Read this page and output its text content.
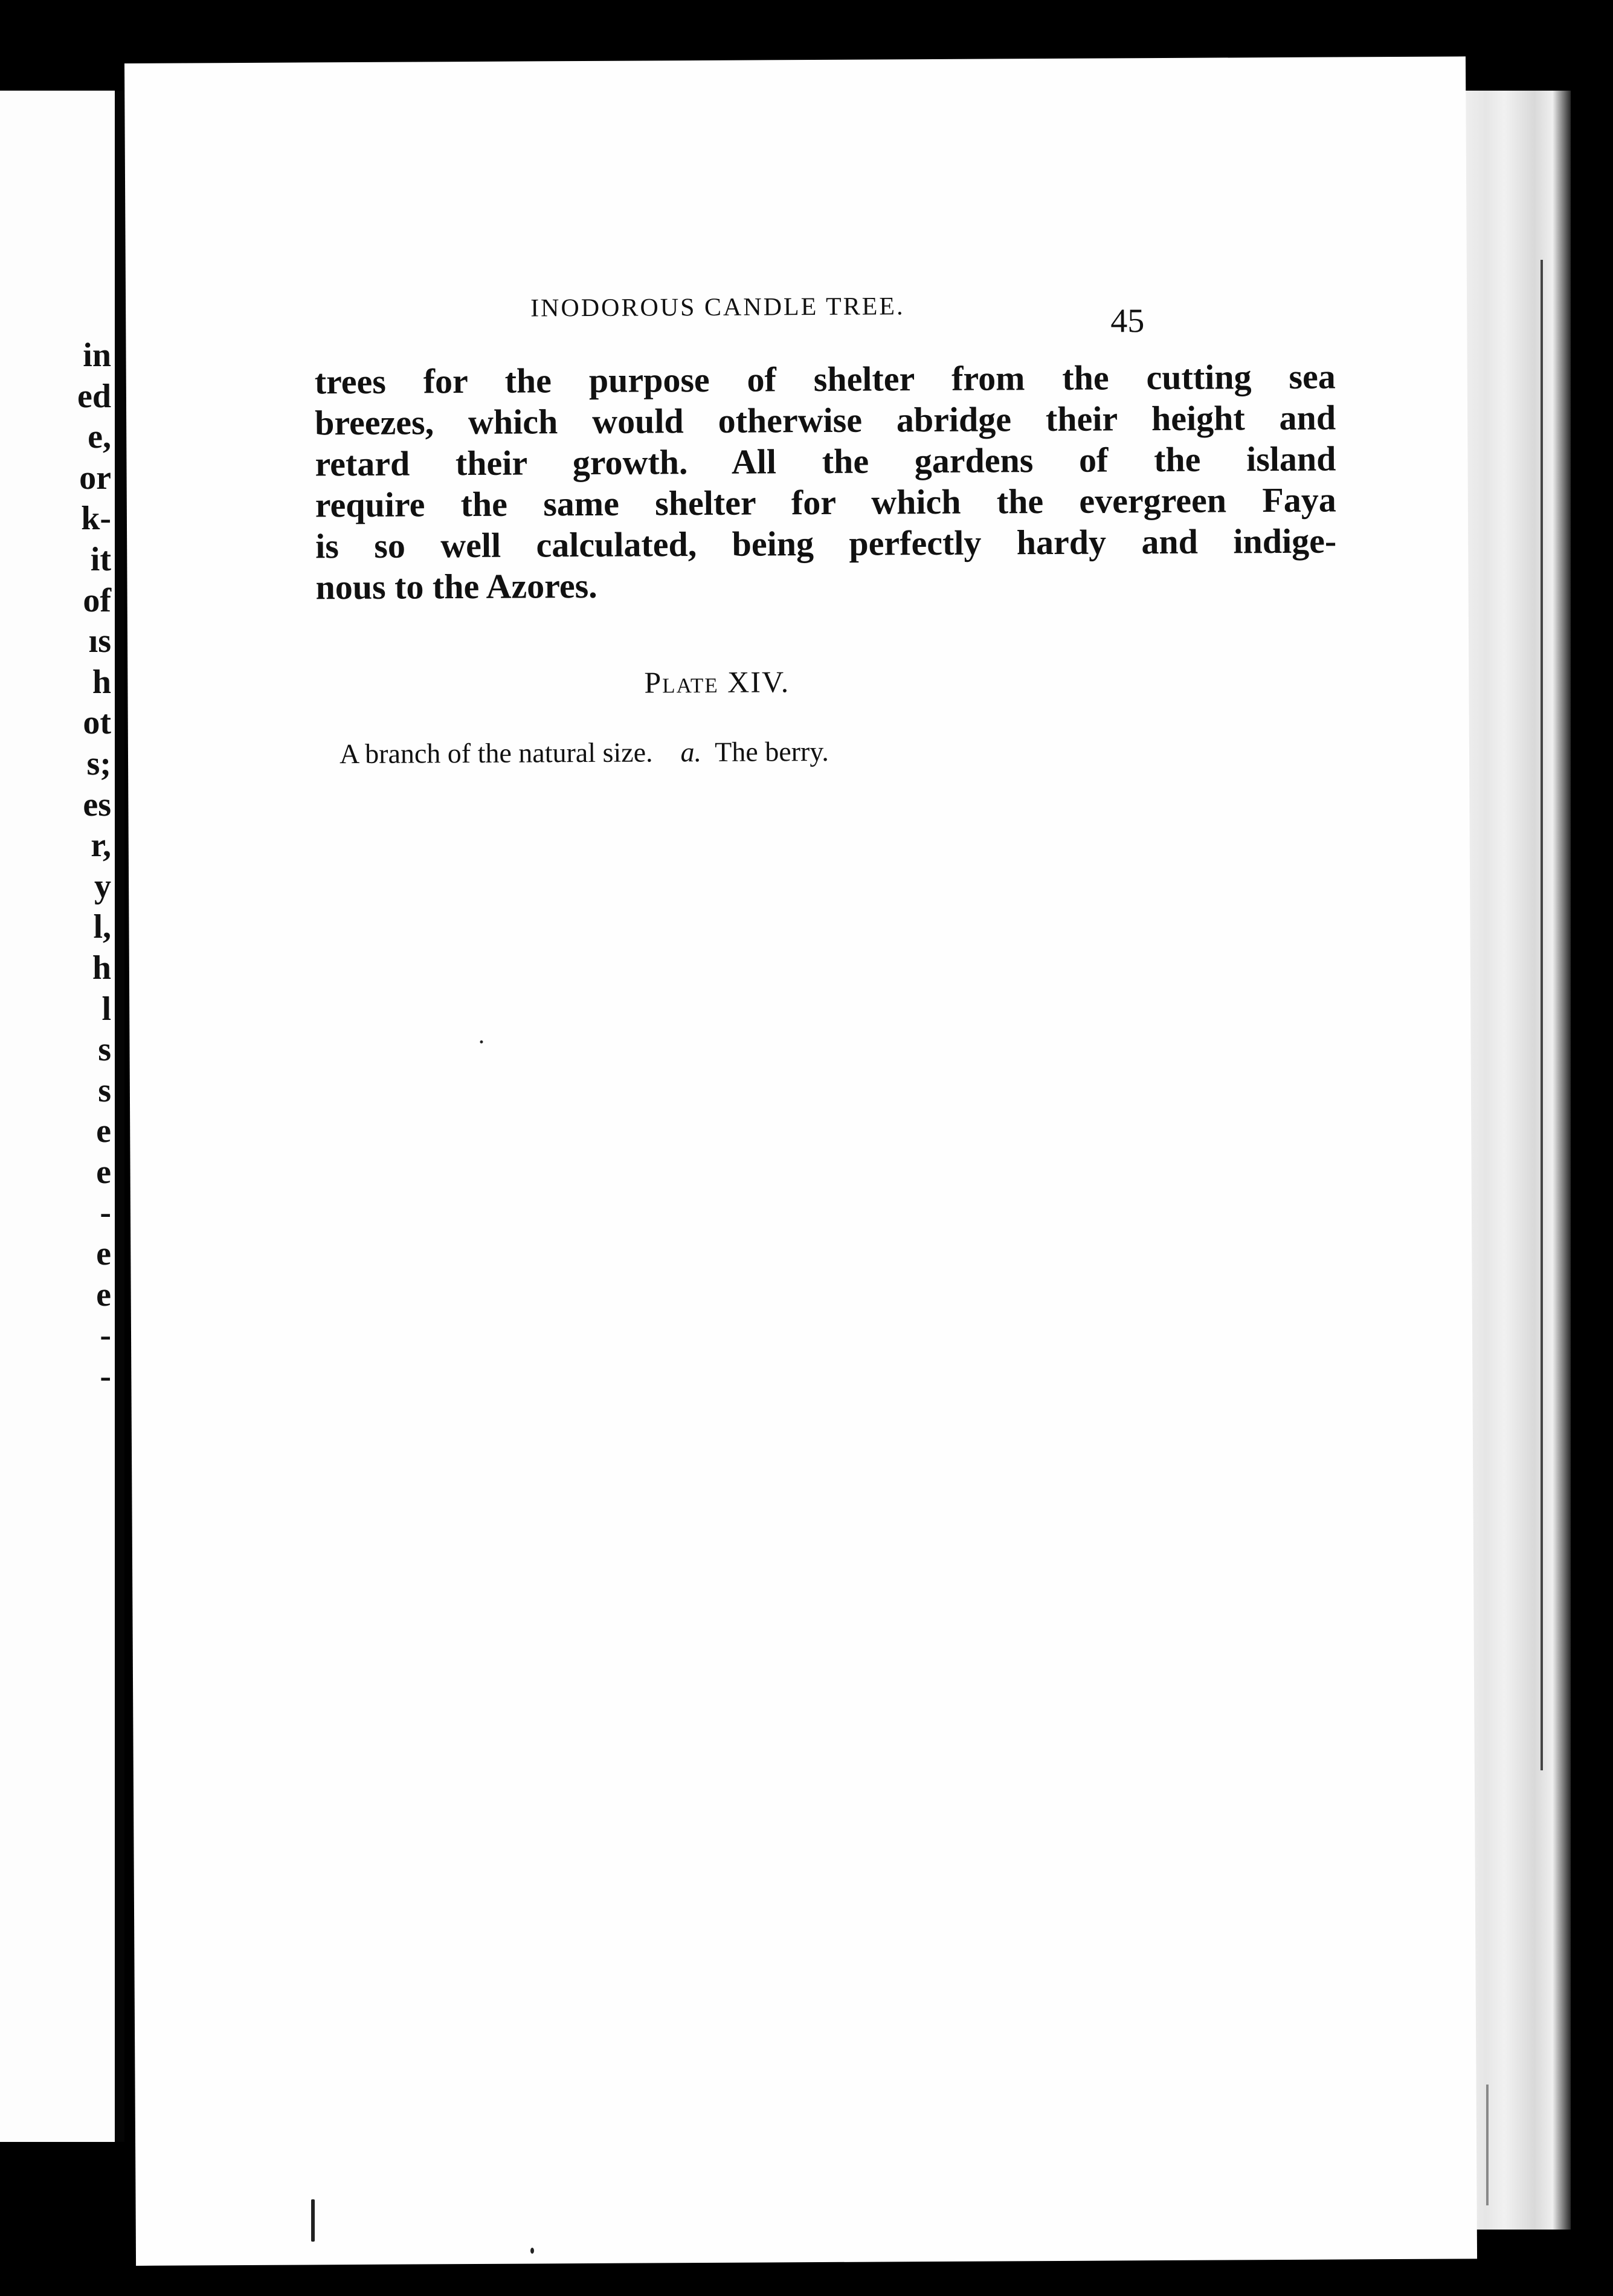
in
ed
e,
or
k-
it
of
ıs
h
ot
s;
es
r,
y
l,
h
l
s
s
e
e
-
e
e
-
-
INODOROUS CANDLE TREE.	45
trees for the purpose of shelter from the cutting sea
breezes, which would otherwise abridge their height and
retard their growth. All the gardens of the island
require the same shelter for which the evergreen Faya
is so well calculated, being perfectly hardy and indige-
nous to the Azores.
Plate XIV.
A branch of the natural size. a. The berry.
